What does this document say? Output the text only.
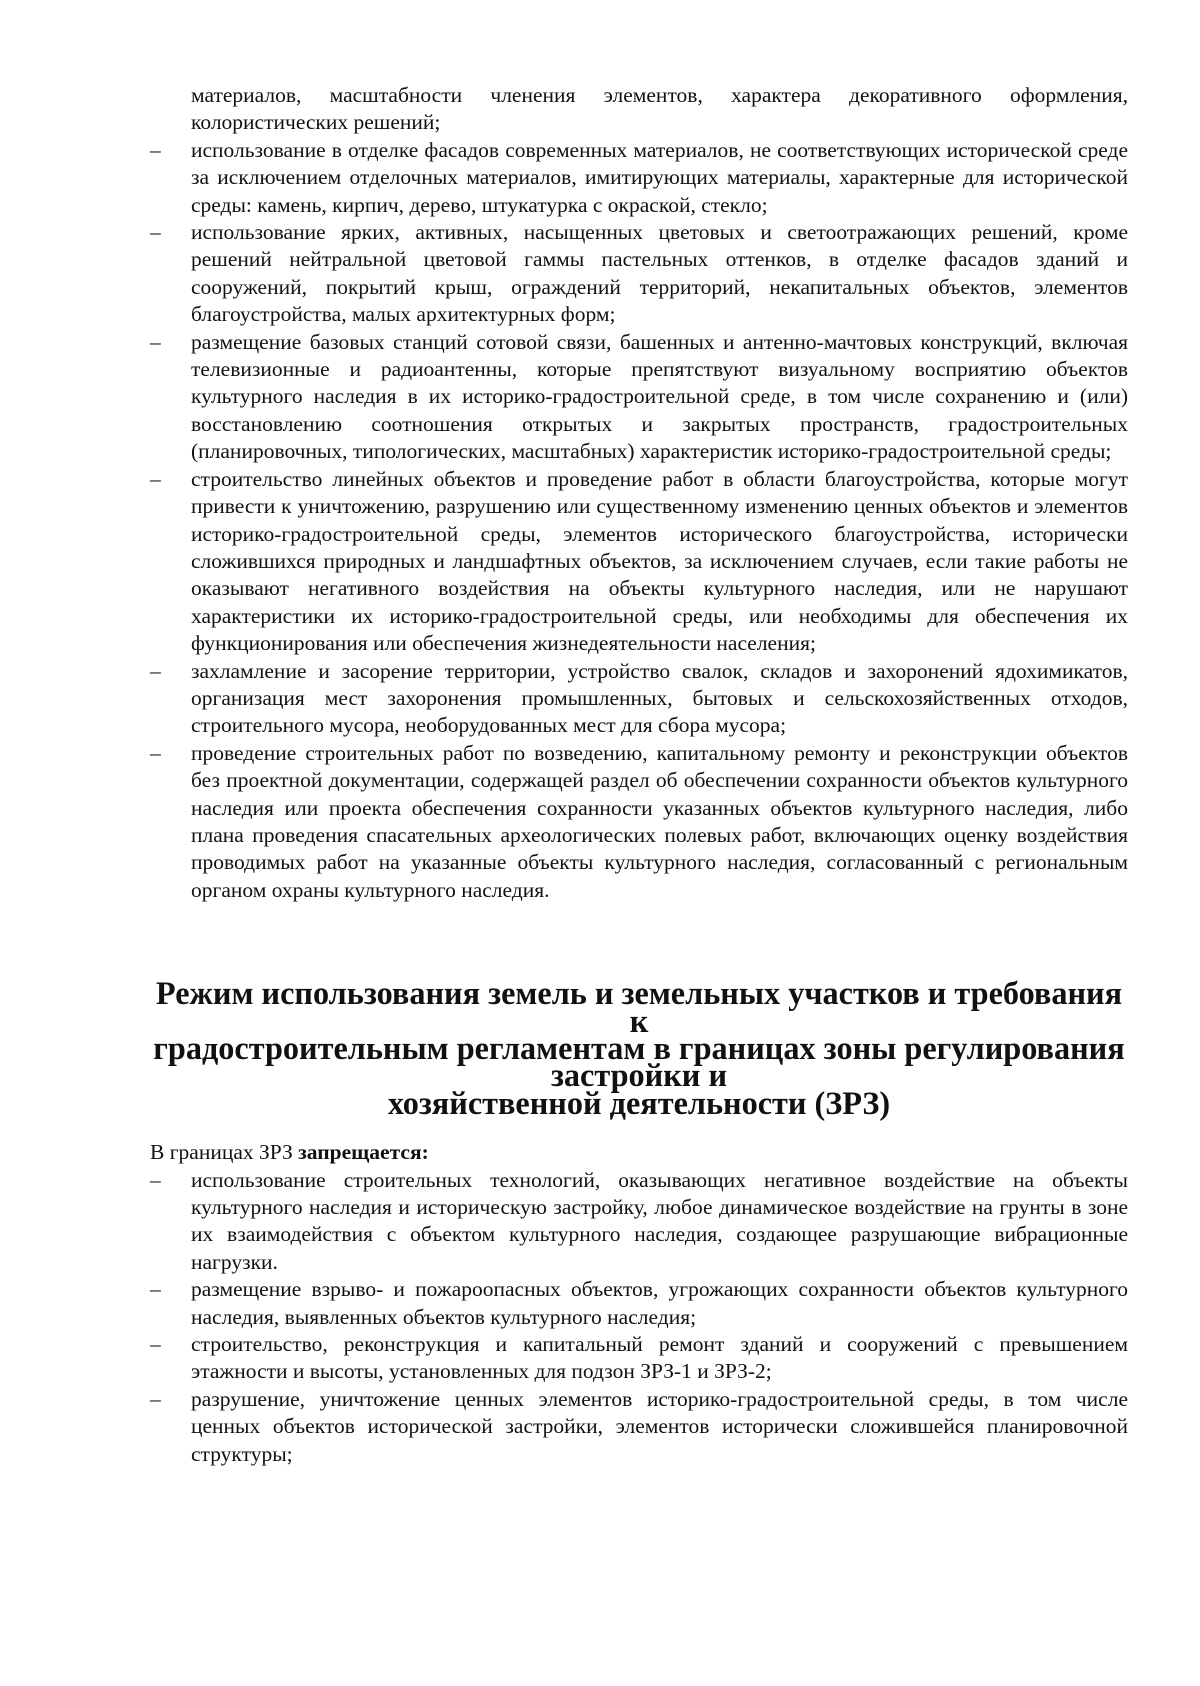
материалов, масштабности членения элементов, характера декоративного оформления, колористических решений;

–	использование в отделке фасадов современных материалов, не соответствующих исторической среде за исключением отделочных материалов, имитирующих материалы, характерные для исторической среды: камень, кирпич, дерево, штукатурка с окраской, стекло;
–	использование ярких, активных, насыщенных цветовых и светоотражающих решений, кроме решений нейтральной цветовой гаммы пастельных оттенков, в отделке фасадов зданий и сооружений, покрытий крыш, ограждений территорий, некапитальных объектов, элементов благоустройства, малых архитектурных форм;
–	размещение базовых станций сотовой связи, башенных и антенно-мачтовых конструкций, включая телевизионные и радиоантенны, которые препятствуют визуальному восприятию объектов культурного наследия в их историко-градостроительной среде, в том числе сохранению и (или) восстановлению соотношения открытых и закрытых пространств, градостроительных (планировочных, типологических, масштабных) характеристик историко-градостроительной среды;
–	строительство линейных объектов и проведение работ в области благоустройства, которые могут привести к уничтожению, разрушению или существенному изменению ценных объектов и элементов историко-градостроительной среды, элементов исторического благоустройства, исторически сложившихся природных и ландшафтных объектов, за исключением случаев, если такие работы не оказывают негативного воздействия на объекты культурного наследия, или не нарушают характеристики их историко-градостроительной среды, или необходимы для обеспечения их функционирования или обеспечения жизнедеятельности населения;
–	захламление и засорение территории, устройство свалок, складов и захоронений ядохимикатов, организация мест захоронения промышленных, бытовых и сельскохозяйственных отходов, строительного мусора, необорудованных мест для сбора мусора;
–	проведение строительных работ по возведению, капитальному ремонту и реконструкции объектов без проектной документации, содержащей раздел об обеспечении сохранности объектов культурного наследия или проекта обеспечения сохранности указанных объектов культурного наследия, либо плана проведения спасательных археологических полевых работ, включающих оценку воздействия проводимых работ на указанные объекты культурного наследия, согласованный с региональным органом охраны культурного наследия.
Режим использования земель и земельных участков и требования к
градостроительным регламентам в границах зоны регулирования застройки и
хозяйственной деятельности (ЗРЗ)

В границах ЗРЗ запрещается:

–	использование строительных технологий, оказывающих негативное воздействие на объекты культурного наследия и историческую застройку, любое динамическое воздействие на грунты в зоне их взаимодействия с объектом культурного наследия, создающее разрушающие вибрационные нагрузки.
–	размещение взрыво- и пожароопасных объектов, угрожающих сохранности объектов культурного наследия, выявленных объектов культурного наследия;
–	строительство, реконструкция и капитальный ремонт зданий и сооружений с превышением этажности и высоты, установленных для подзон ЗРЗ-1 и ЗРЗ-2;
–	разрушение, уничтожение ценных элементов историко-градостроительной среды, в том числе ценных объектов исторической застройки, элементов исторически сложившейся планировочной структуры;
